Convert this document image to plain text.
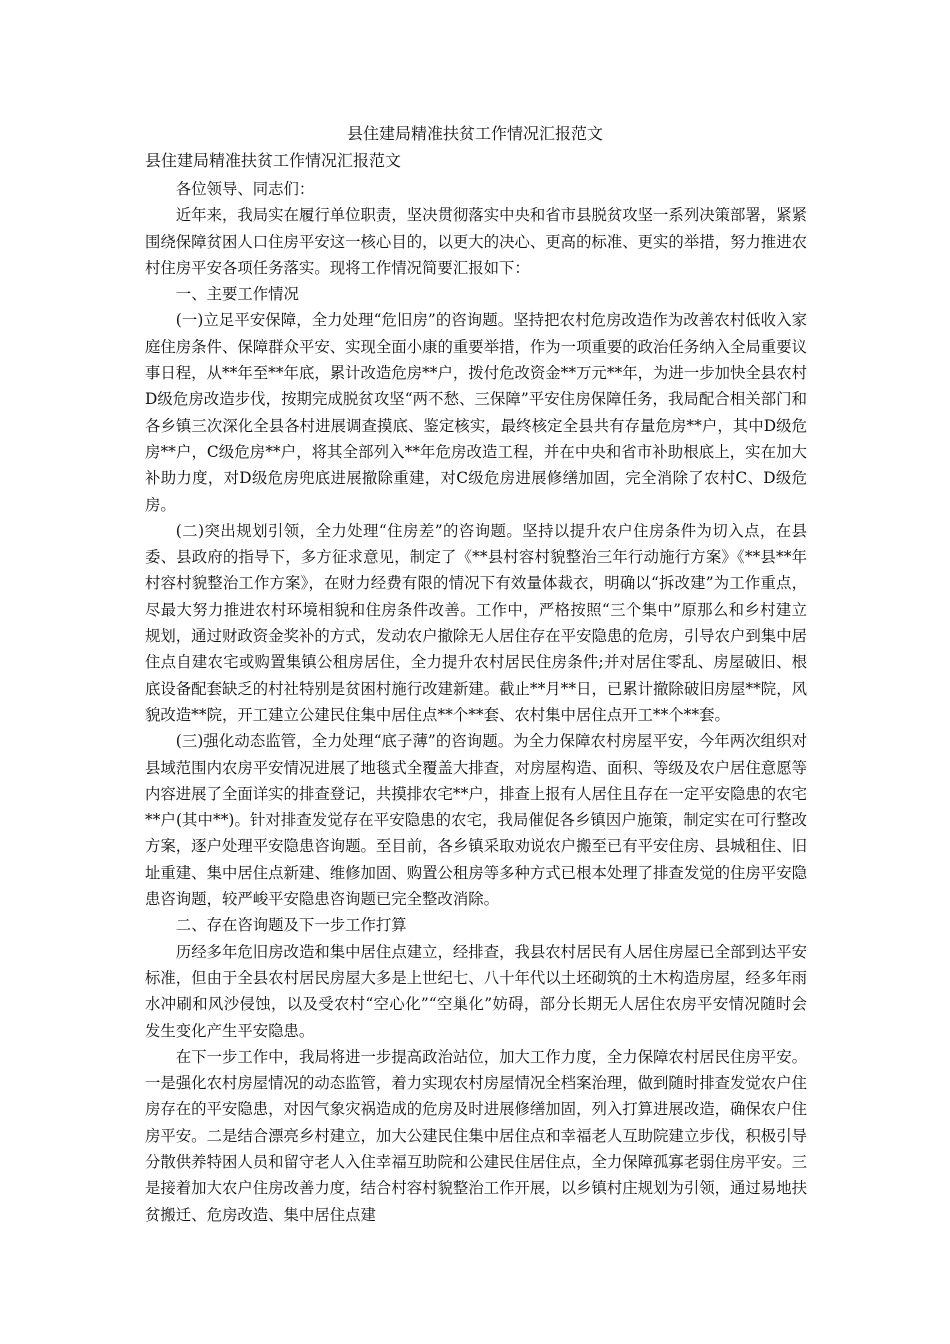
县住建局精准扶贫工作情况汇报范文
县住建局精准扶贫工作情况汇报范文

各位领导、同志们：

近年来，我局实在履行单位职责，坚决贯彻落实中央和省市县脱贫攻坚一系列决策部署，紧紧围绕保障贫困人口住房平安这一核心目的，以更大的决心、更高的标准、更实的举措，努力推进农村住房平安各项任务落实。现将工作情况简要汇报如下：

一、主要工作情况

(一)立足平安保障，全力处理“危旧房”的咨询题。坚持把农村危房改造作为改善农村低收入家庭住房条件、保障群众平安、实现全面小康的重要举措，作为一项重要的政治任务纳入全局重要议事日程，从**年至**年底，累计改造危房**户，拨付危改资金**万元**年，为进一步加快全县农村D级危房改造步伐，按期完成脱贫攻坚“两不愁、三保障”平安住房保障任务，我局配合相关部门和各乡镇三次深化全县各村进展调查摸底、鉴定核实，最终核定全县共有存量危房**户，其中D级危房**户，C级危房**户，将其全部列入**年危房改造工程，并在中央和省市补助根底上，实在加大补助力度，对D级危房兜底进展撤除重建，对C级危房进展修缮加固，完全消除了农村C、D级危房。

(二)突出规划引领，全力处理“住房差”的咨询题。坚持以提升农户住房条件为切入点，在县委、县政府的指导下，多方征求意见，制定了《**县村容村貌整治三年行动施行方案》《**县**年村容村貌整治工作方案》，在财力经费有限的情况下有效量体裁衣，明确以“拆改建”为工作重点，尽最大努力推进农村环境相貌和住房条件改善。工作中，严格按照“三个集中”原那么和乡村建立规划，通过财政资金奖补的方式，发动农户撤除无人居住存在平安隐患的危房，引导农户到集中居住点自建农宅或购置集镇公租房居住，全力提升农村居民住房条件;并对居住零乱、房屋破旧、根底设备配套缺乏的村社特别是贫困村施行改建新建。截止**月**日，已累计撤除破旧房屋**院，风貌改造**院，开工建立公建民住集中居住点**个**套、农村集中居住点开工**个**套。

(三)强化动态监管，全力处理“底子薄”的咨询题。为全力保障农村房屋平安，今年两次组织对县域范围内农房平安情况进展了地毯式全覆盖大排查，对房屋构造、面积、等级及农户居住意愿等内容进展了全面详实的排查登记，共摸排农宅**户，排查上报有人居住且存在一定平安隐患的农宅**户(其中**)。针对排查发觉存在平安隐患的农宅，我局催促各乡镇因户施策，制定实在可行整改方案，逐户处理平安隐患咨询题。至目前，各乡镇采取劝说农户搬至已有平安住房、县城租住、旧址重建、集中居住点新建、维修加固、购置公租房等多种方式已根本处理了排查发觉的住房平安隐患咨询题，较严峻平安隐患咨询题已完全整改消除。

二、存在咨询题及下一步工作打算

历经多年危旧房改造和集中居住点建立，经排查，我县农村居民有人居住房屋已全部到达平安标准，但由于全县农村居民房屋大多是上世纪七、八十年代以土坯砌筑的土木构造房屋，经多年雨水冲刷和风沙侵蚀，以及受农村“空心化”“空巢化”妨碍，部分长期无人居住农房平安情况随时会发生变化产生平安隐患。

在下一步工作中，我局将进一步提高政治站位，加大工作力度，全力保障农村居民住房平安。一是强化农村房屋情况的动态监管，着力实现农村房屋情况全档案治理，做到随时排查发觉农户住房存在的平安隐患，对因气象灾祸造成的危房及时进展修缮加固，列入打算进展改造，确保农户住房平安。二是结合漂亮乡村建立，加大公建民住集中居住点和幸福老人互助院建立步伐，积极引导分散供养特困人员和留守老人入住幸福互助院和公建民住居住点，全力保障孤寡老弱住房平安。三是接着加大农户住房改善力度，结合村容村貌整治工作开展，以乡镇村庄规划为引领，通过易地扶贫搬迁、危房改造、集中居住点建
